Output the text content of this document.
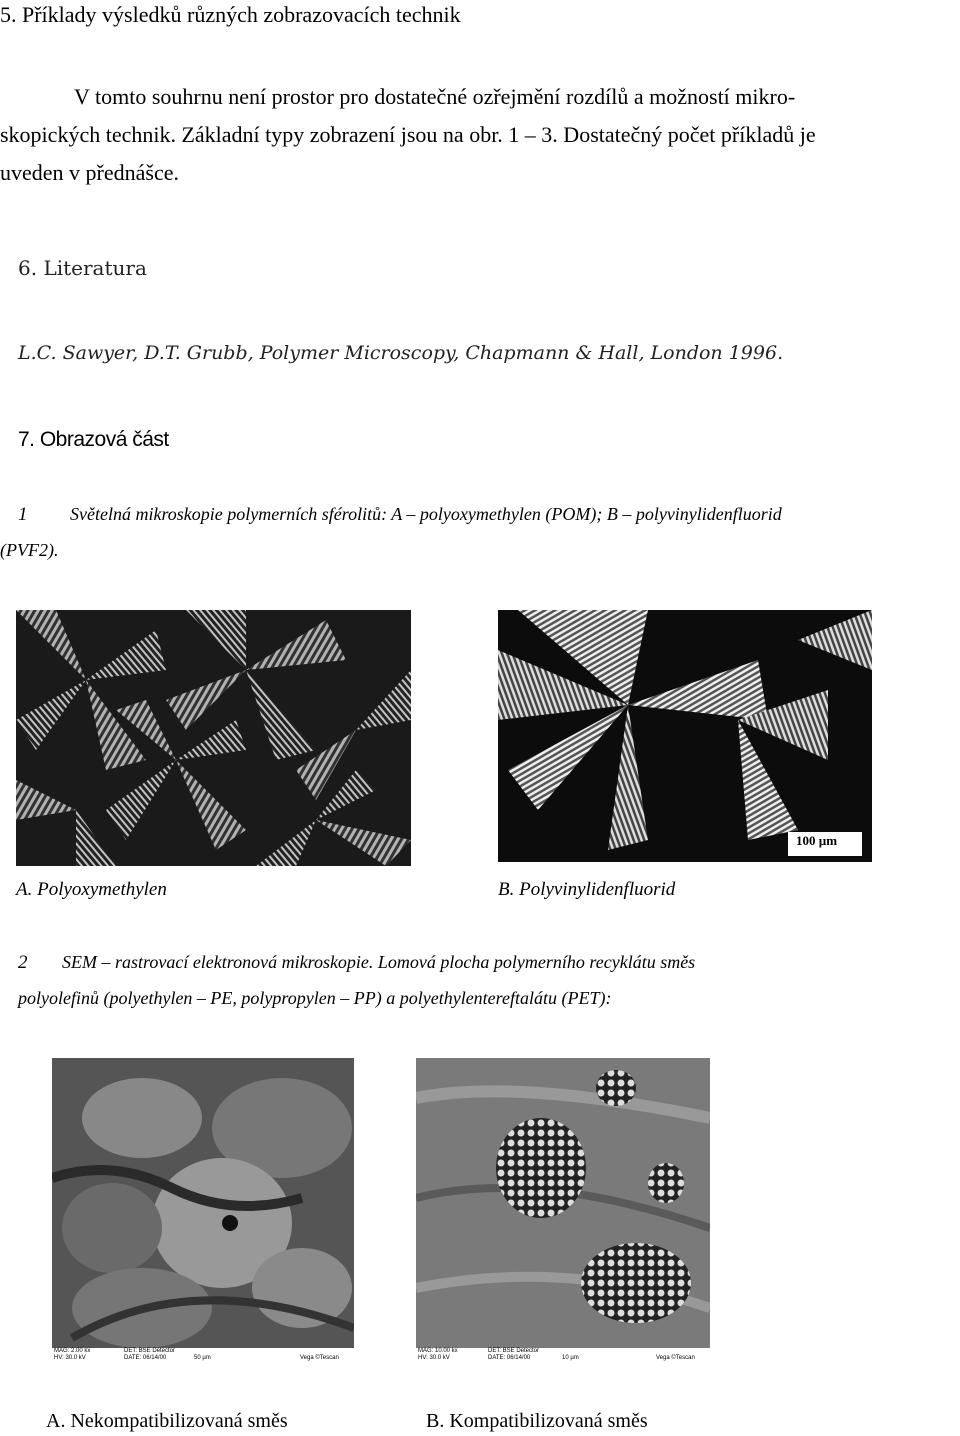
5. Příklady výsledků různých zobrazovacích technik
V tomto souhrnu není prostor pro dostatečné ozřejmění rozdílů a možností mikro-
skopických technik. Základní typy zobrazení jsou na obr. 1 – 3. Dostatečný počet příkladů je
uveden v přednášce.
6. Literatura
L.C. Sawyer, D.T. Grubb, Polymer Microscopy, Chapmann & Hall, London 1996.
7. Obrazová část
1 Světelná mikroskopie polymerních sférolitů: A – polyoxymethylen (POM); B – polyvinylidenfluorid
(PVF2).
100 µm
A. Polyoxymethylen	B. Polyvinylidenfluorid
2 SEM – rastrovací elektronová mikroskopie. Lomová plocha polymerního recyklátu směs
polyolefinů (polyethylen – PE, polypropylen – PP) a polyethylentereftalátu (PET):
MAG: 2.00 kx
HV: 30.0 kV
DET: BSE Detector
DATE: 06/14/00	50 µm	Vega ©Tescan
MAG: 10.00 kx
HV: 30.0 kV
DET: BSE Detector
DATE: 06/14/00	10 µm	Vega ©Tescan
A. Nekompatibilizovaná směs	B. Kompatibilizovaná směs
